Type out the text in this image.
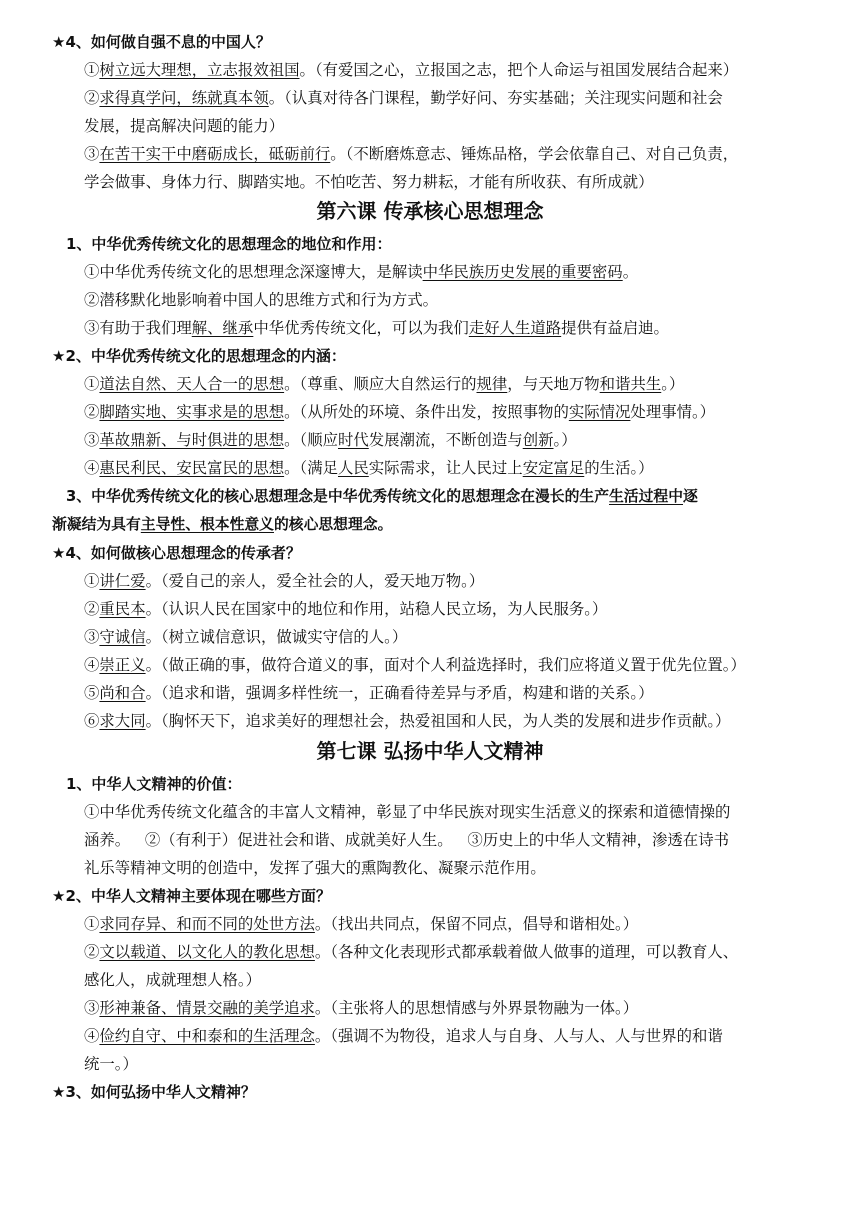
★4、如何做自强不息的中国人？
①树立远大理想，立志报效祖国。（有爱国之心，立报国之志，把个人命运与祖国发展结合起来）
②求得真学问，练就真本领。（认真对待各门课程，勤学好问、夯实基础；关注现实问题和社会
发展，提高解决问题的能力）
③在苦干实干中磨砺成长，砥砺前行。（不断磨炼意志、锤炼品格，学会依靠自己、对自己负责，
学会做事、身体力行、脚踏实地。不怕吃苦、努力耕耘，才能有所收获、有所成就）
第六课 传承核心思想理念
1、中华优秀传统文化的思想理念的地位和作用：
①中华优秀传统文化的思想理念深邃博大，是解读中华民族历史发展的重要密码。
②潜移默化地影响着中国人的思维方式和行为方式。
③有助于我们理解、继承中华优秀传统文化，可以为我们走好人生道路提供有益启迪。
★2、中华优秀传统文化的思想理念的内涵：
①道法自然、天人合一的思想。（尊重、顺应大自然运行的规律，与天地万物和谐共生。）
②脚踏实地、实事求是的思想。（从所处的环境、条件出发，按照事物的实际情况处理事情。）
③革故鼎新、与时俱进的思想。（顺应时代发展潮流，不断创造与创新。）
④惠民利民、安民富民的思想。（满足人民实际需求，让人民过上安定富足的生活。）
3、中华优秀传统文化的核心思想理念是中华优秀传统文化的思想理念在漫长的生产生活过程中逐
渐凝结为具有主导性、根本性意义的核心思想理念。
★4、如何做核心思想理念的传承者？
①讲仁爱。（爱自己的亲人，爱全社会的人，爱天地万物。）
②重民本。（认识人民在国家中的地位和作用，站稳人民立场，为人民服务。）
③守诚信。（树立诚信意识，做诚实守信的人。）
④崇正义。（做正确的事，做符合道义的事，面对个人利益选择时，我们应将道义置于优先位置。）
⑤尚和合。（追求和谐，强调多样性统一，正确看待差异与矛盾，构建和谐的关系。）
⑥求大同。（胸怀天下，追求美好的理想社会，热爱祖国和人民，为人类的发展和进步作贡献。）
第七课 弘扬中华人文精神
1、中华人文精神的价值：
①中华优秀传统文化蕴含的丰富人文精神，彰显了中华民族对现实生活意义的探索和道德情操的
涵养。   ②（有利于）促进社会和谐、成就美好人生。   ③历史上的中华人文精神，渗透在诗书
礼乐等精神文明的创造中，发挥了强大的熏陶教化、凝聚示范作用。
★2、中华人文精神主要体现在哪些方面？
①求同存异、和而不同的处世方法。（找出共同点，保留不同点，倡导和谐相处。）
②文以载道、以文化人的教化思想。（各种文化表现形式都承载着做人做事的道理，可以教育人、
感化人，成就理想人格。）
③形神兼备、情景交融的美学追求。（主张将人的思想情感与外界景物融为一体。）
④俭约自守、中和泰和的生活理念。（强调不为物役，追求人与自身、人与人、人与世界的和谐
统一。）
★3、如何弘扬中华人文精神？
